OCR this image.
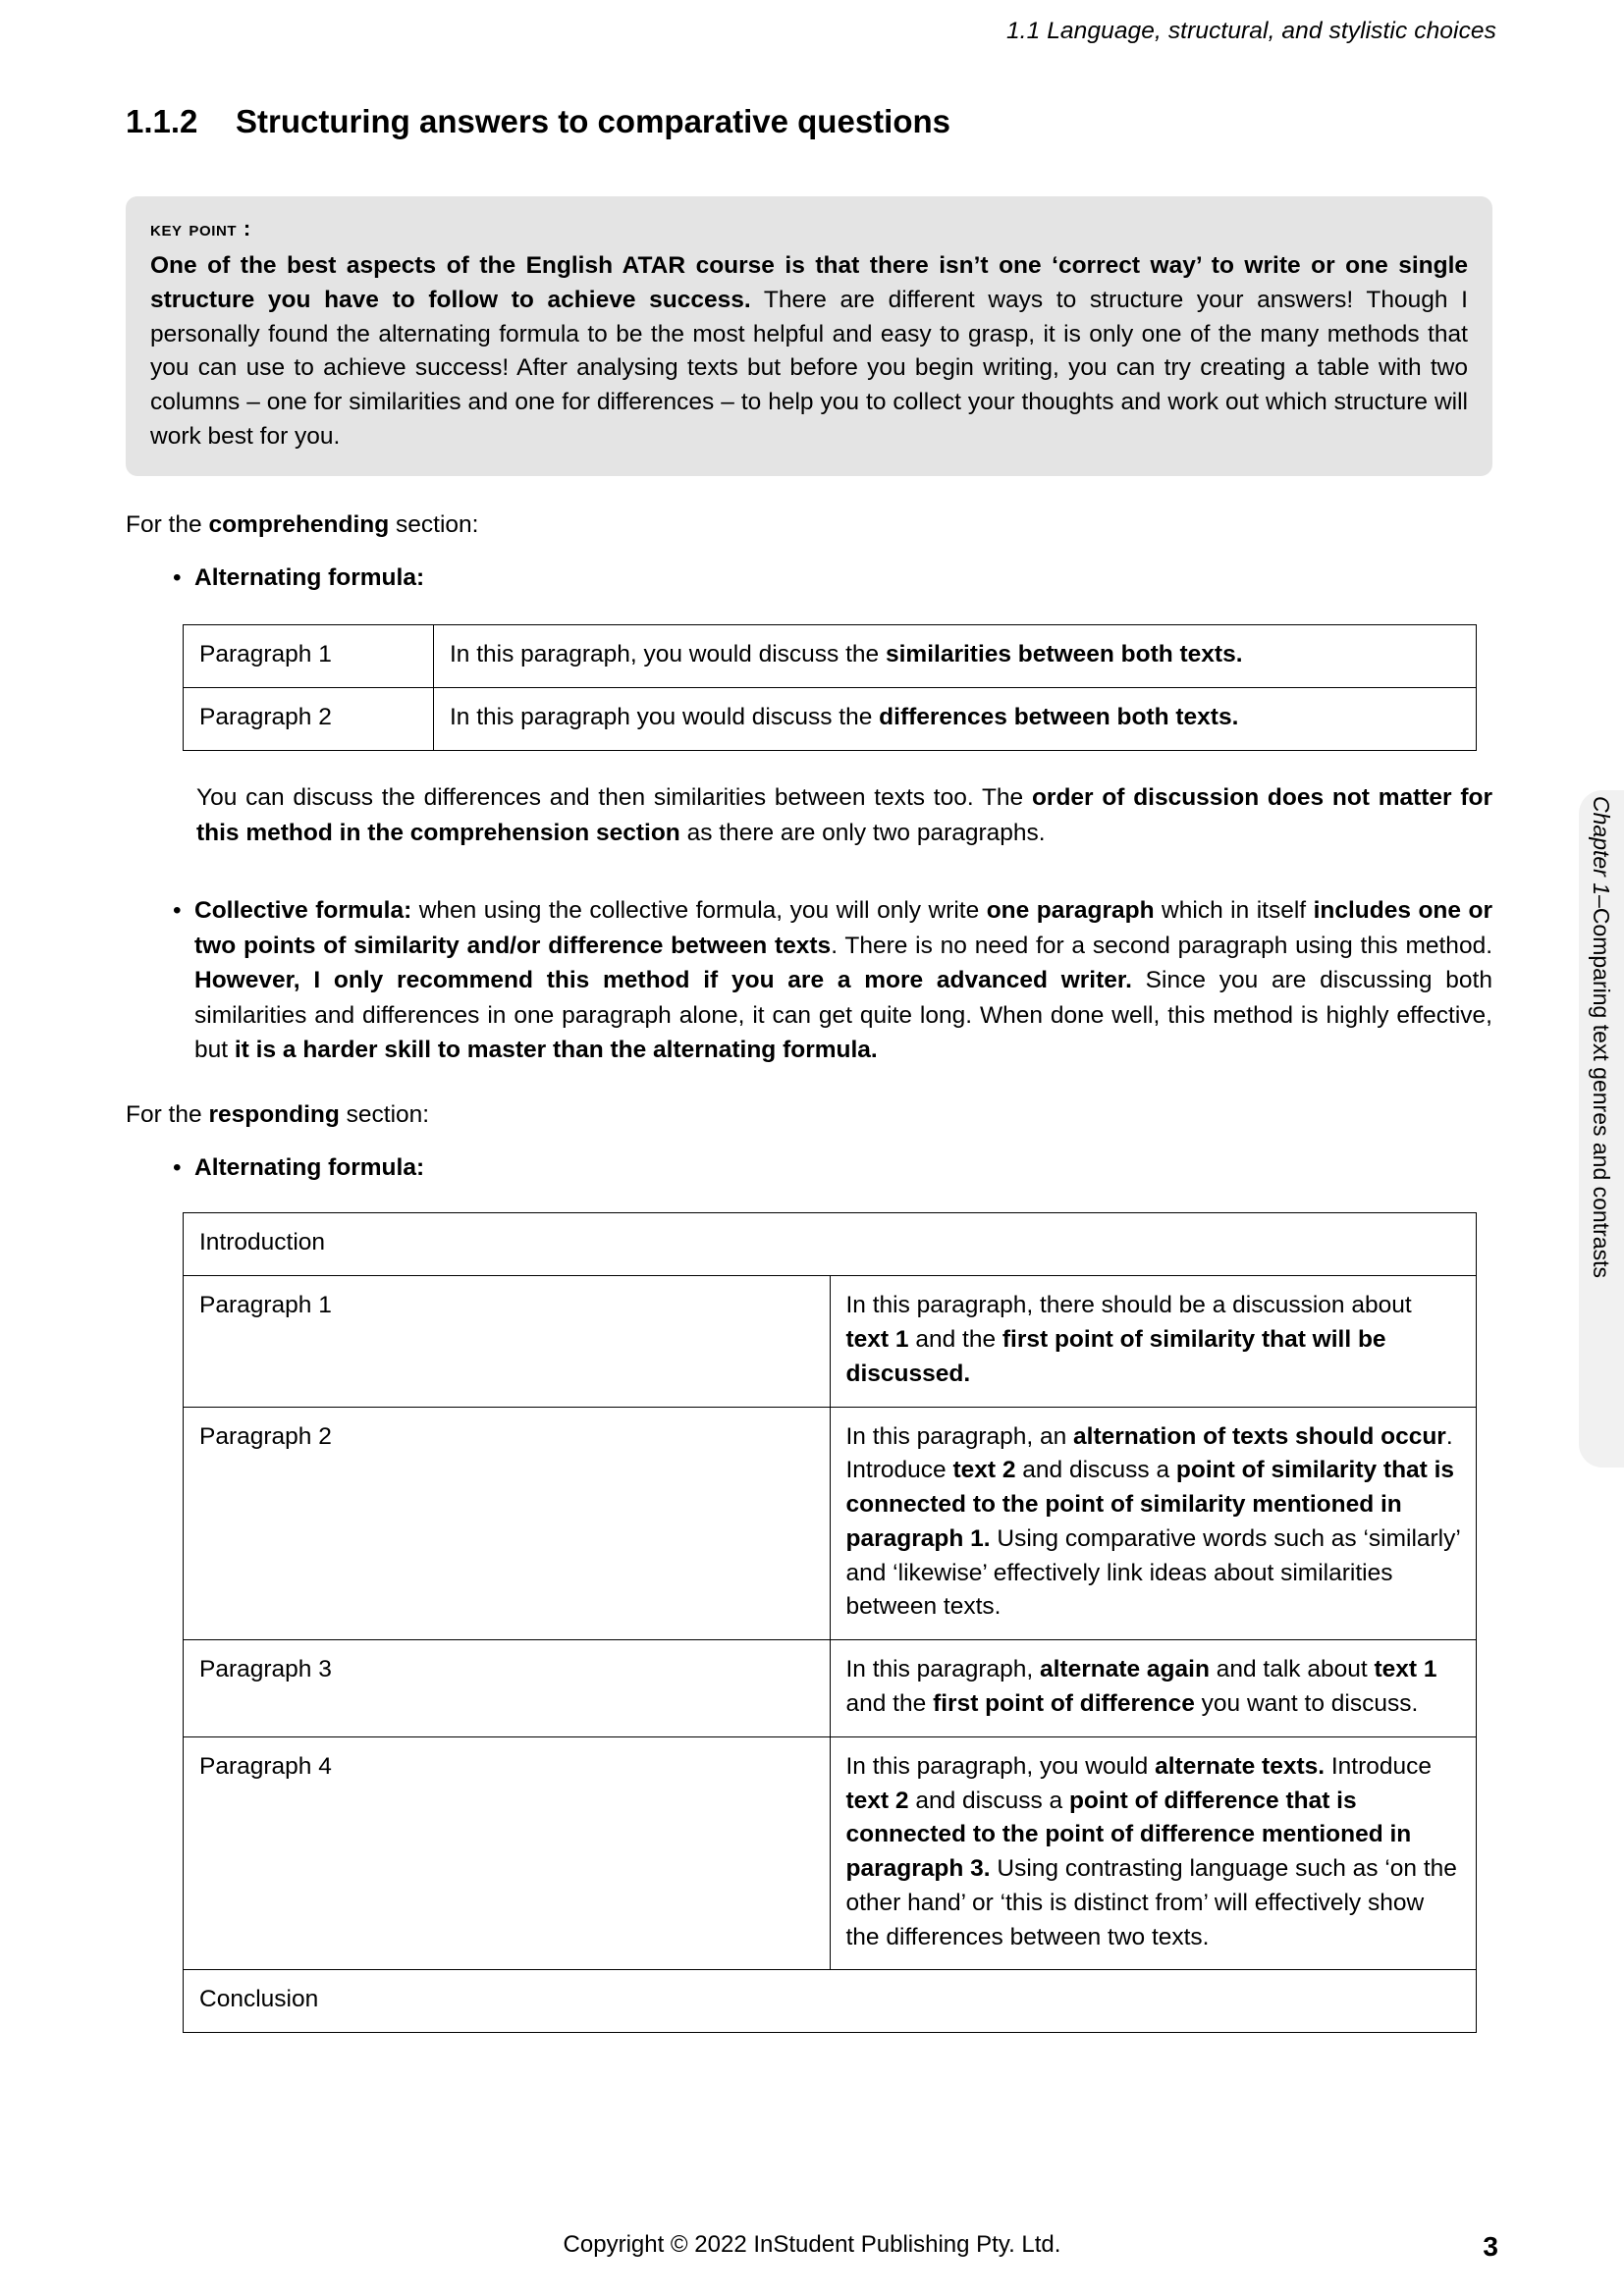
1.1 Language, structural, and stylistic choices
1.1.2 Structuring answers to comparative questions
key point :
One of the best aspects of the English ATAR course is that there isn’t one ‘correct way’ to write or one single structure you have to follow to achieve success. There are different ways to structure your answers! Though I personally found the alternating formula to be the most helpful and easy to grasp, it is only one of the many methods that you can use to achieve success! After analysing texts but before you begin writing, you can try creating a table with two columns – one for similarities and one for differences – to help you to collect your thoughts and work out which structure will work best for you.
For the comprehending section:
• Alternating formula:
Paragraph 1	In this paragraph, you would discuss the similarities between both texts.
Paragraph 2	In this paragraph you would discuss the differences between both texts.
You can discuss the differences and then similarities between texts too. The order of discussion does not matter for this method in the comprehension section as there are only two paragraphs.
• Collective formula: when using the collective formula, you will only write one paragraph which in itself includes one or two points of similarity and/or difference between texts. There is no need for a second paragraph using this method. However, I only recommend this method if you are a more advanced writer. Since you are discussing both similarities and differences in one paragraph alone, it can get quite long. When done well, this method is highly effective, but it is a harder skill to master than the alternating formula.
For the responding section:
• Alternating formula:
Introduction	
Paragraph 1	In this paragraph, there should be a discussion about text 1 and the first point of similarity that will be discussed.
Paragraph 2	In this paragraph, an alternation of texts should occur. Introduce text 2 and discuss a point of similarity that is connected to the point of similarity mentioned in paragraph 1. Using comparative words such as ‘similarly’ and ‘likewise’ effectively link ideas about similarities between texts.
Paragraph 3	In this paragraph, alternate again and talk about text 1 and the first point of difference you want to discuss.
Paragraph 4	In this paragraph, you would alternate texts. Introduce text 2 and discuss a point of difference that is connected to the point of difference mentioned in paragraph 3. Using contrasting language such as ‘on the other hand’ or ‘this is distinct from’ will effectively show the differences between two texts.
Conclusion	
Chapter 1
–
Comparing text genres and contrasts
Copyright © 2022 InStudent Publishing Pty. Ltd.	3
